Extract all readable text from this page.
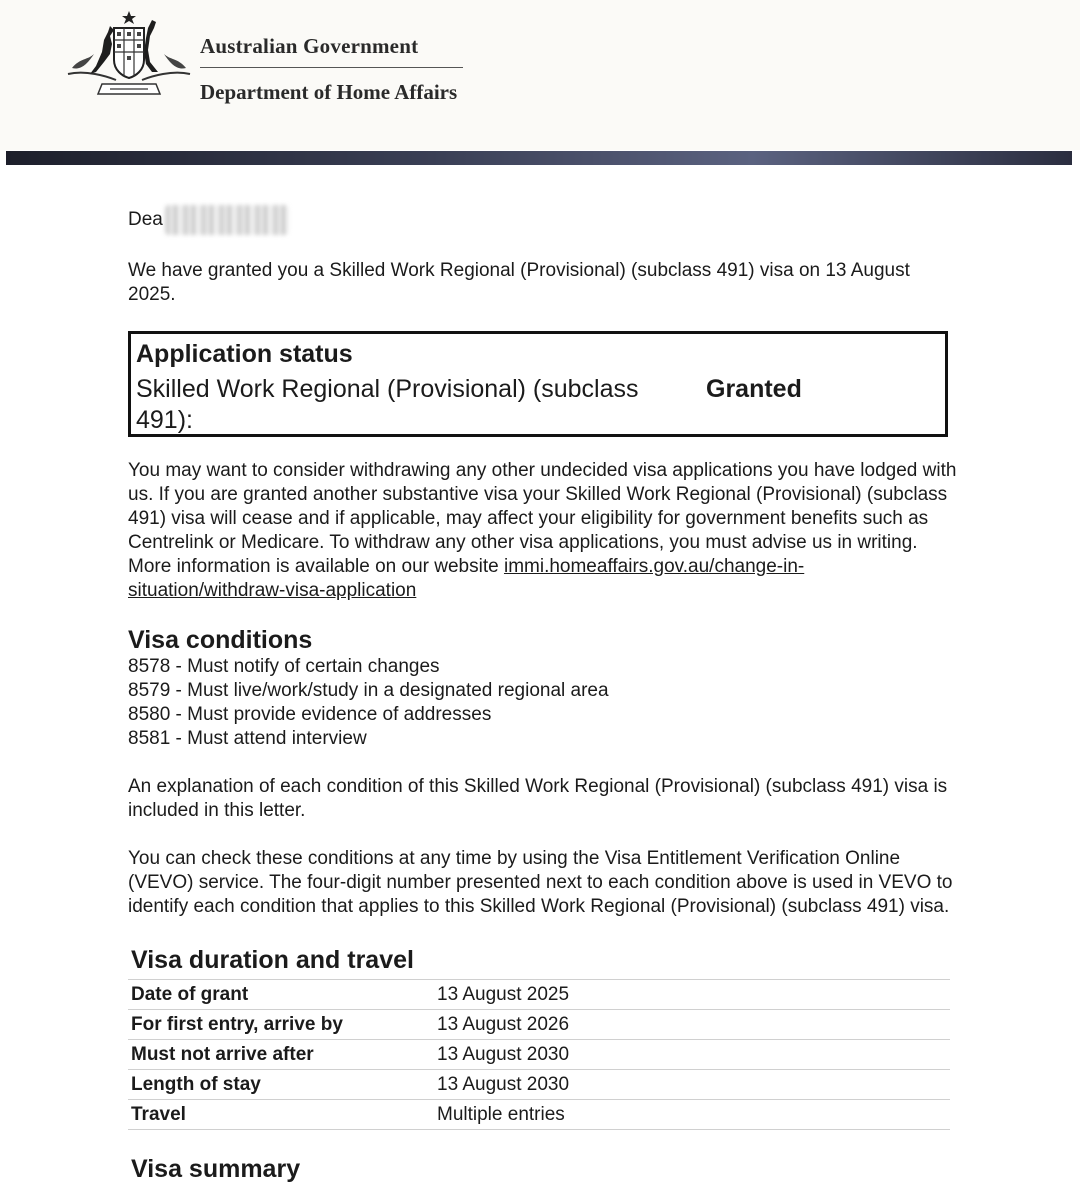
Australian Government
Department of Home Affairs
Dea

We have granted you a Skilled Work Regional (Provisional) (subclass 491) visa on 13 August 2025.

Application status
Skilled Work Regional (Provisional) (subclass 491):
Granted

You may want to consider withdrawing any other undecided visa applications you have lodged with us. If you are granted another substantive visa your Skilled Work Regional (Provisional) (subclass 491) visa will cease and if applicable, may affect your eligibility for government benefits such as Centrelink or Medicare. To withdraw any other visa applications, you must advise us in writing. More information is available on our website immi.homeaffairs.gov.au/change-in-situation/withdraw-visa-application

Visa conditions
8578 - Must notify of certain changes
8579 - Must live/work/study in a designated regional area
8580 - Must provide evidence of addresses
8581 - Must attend interview

An explanation of each condition of this Skilled Work Regional (Provisional) (subclass 491) visa is included in this letter.

You can check these conditions at any time by using the Visa Entitlement Verification Online (VEVO) service. The four-digit number presented next to each condition above is used in VEVO to identify each condition that applies to this Skilled Work Regional (Provisional) (subclass 491) visa.

Visa duration and travel
Date of grant	13 August 2025
For first entry, arrive by	13 August 2026
Must not arrive after	13 August 2030
Length of stay	13 August 2030
Travel	Multiple entries
Visa summary
